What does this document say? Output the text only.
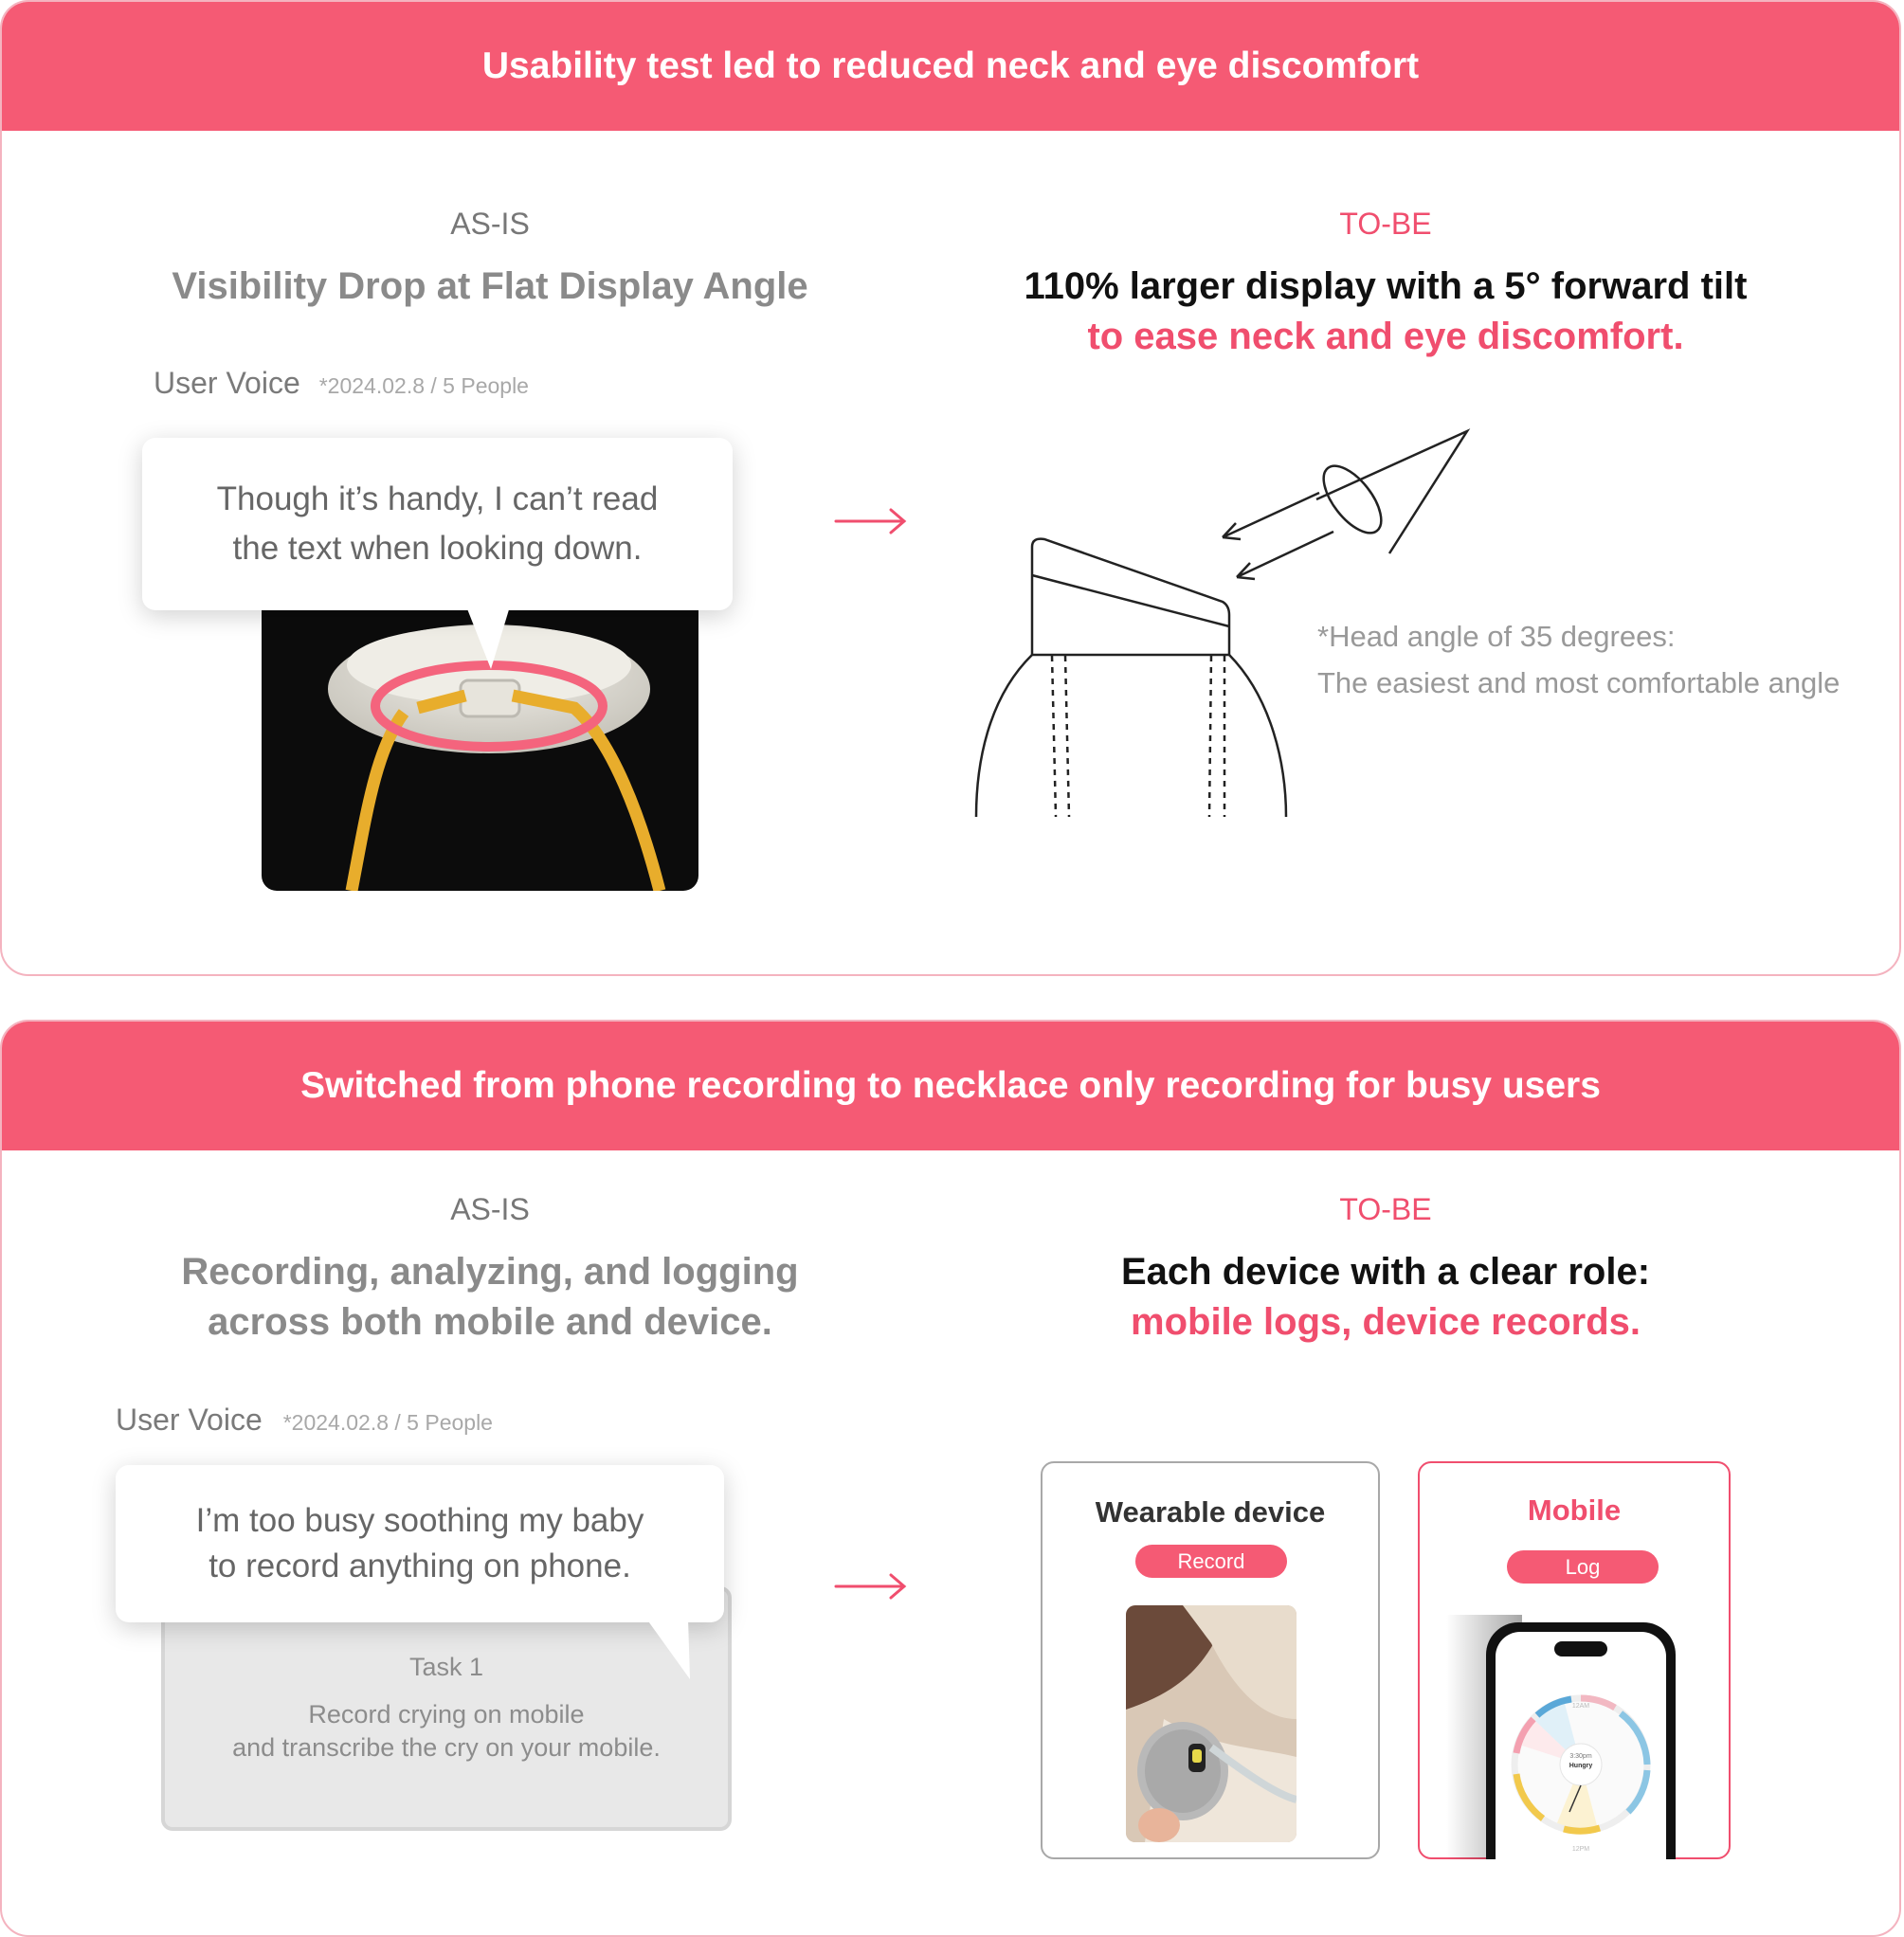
Usability test led to reduced neck and eye discomfort
AS-IS
Visibility Drop at Flat Display Angle
TO-BE
110% larger display with a 5° forward tilt
to ease neck and eye discomfort.
User Voice *2024.02.8 / 5 People
Though it’s handy, I can’t read
the text when looking down.
*Head angle of 35 degrees:
The easiest and most comfortable angle
Switched from phone recording to necklace only recording for busy users
AS-IS
Recording, analyzing, and logging
across both mobile and device.
TO-BE
Each device with a clear role:
mobile logs, device records.
User Voice *2024.02.8 / 5 People
Task 1
Record crying on mobile
and transcribe the cry on your mobile.
I’m too busy soothing my baby
to record anything on phone.
Wearable device
Record
Mobile
Log
12AM
12PM
3:30pm
Hungry
